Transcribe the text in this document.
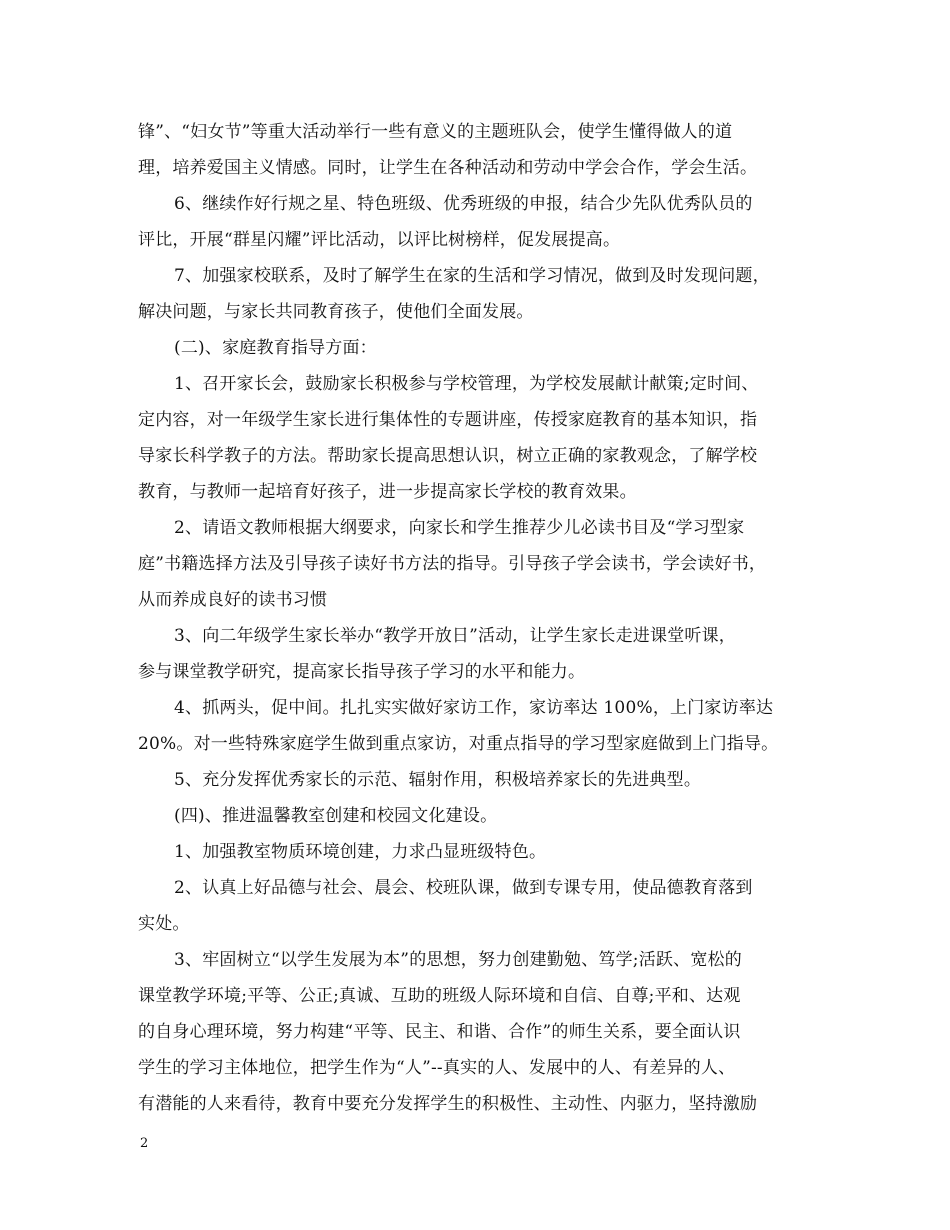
锋”、“妇女节”等重大活动举行一些有意义的主题班队会，使学生懂得做人的道
理，培养爱国主义情感。同时，让学生在各种活动和劳动中学会合作，学会生活。
6、继续作好行规之星、特色班级、优秀班级的申报，结合少先队优秀队员的
评比，开展“群星闪耀”评比活动，以评比树榜样，促发展提高。
7、加强家校联系，及时了解学生在家的生活和学习情况，做到及时发现问题，
解决问题，与家长共同教育孩子，使他们全面发展。
(二)、家庭教育指导方面：
1、召开家长会，鼓励家长积极参与学校管理，为学校发展献计献策;定时间、
定内容，对一年级学生家长进行集体性的专题讲座，传授家庭教育的基本知识，指
导家长科学教子的方法。帮助家长提高思想认识，树立正确的家教观念，了解学校
教育，与教师一起培育好孩子，进一步提高家长学校的教育效果。
2、请语文教师根据大纲要求，向家长和学生推荐少儿必读书目及“学习型家
庭”书籍选择方法及引导孩子读好书方法的指导。引导孩子学会读书，学会读好书，
从而养成良好的读书习惯
3、向二年级学生家长举办“教学开放日”活动，让学生家长走进课堂听课，
参与课堂教学研究，提高家长指导孩子学习的水平和能力。
4、抓两头，促中间。扎扎实实做好家访工作，家访率达 100%，上门家访率达
20%。对一些特殊家庭学生做到重点家访，对重点指导的学习型家庭做到上门指导。
5、充分发挥优秀家长的示范、辐射作用，积极培养家长的先进典型。
(四)、推进温馨教室创建和校园文化建设。
1、加强教室物质环境创建，力求凸显班级特色。
2、认真上好品德与社会、晨会、校班队课，做到专课专用，使品德教育落到
实处。
3、牢固树立“以学生发展为本”的思想，努力创建勤勉、笃学;活跃、宽松的
课堂教学环境;平等、公正;真诚、互助的班级人际环境和自信、自尊;平和、达观
的自身心理环境，努力构建“平等、民主、和谐、合作”的师生关系，要全面认识
学生的学习主体地位，把学生作为“人”--真实的人、发展中的人、有差异的人、
有潜能的人来看待，教育中要充分发挥学生的积极性、主动性、内驱力，坚持激励
2
